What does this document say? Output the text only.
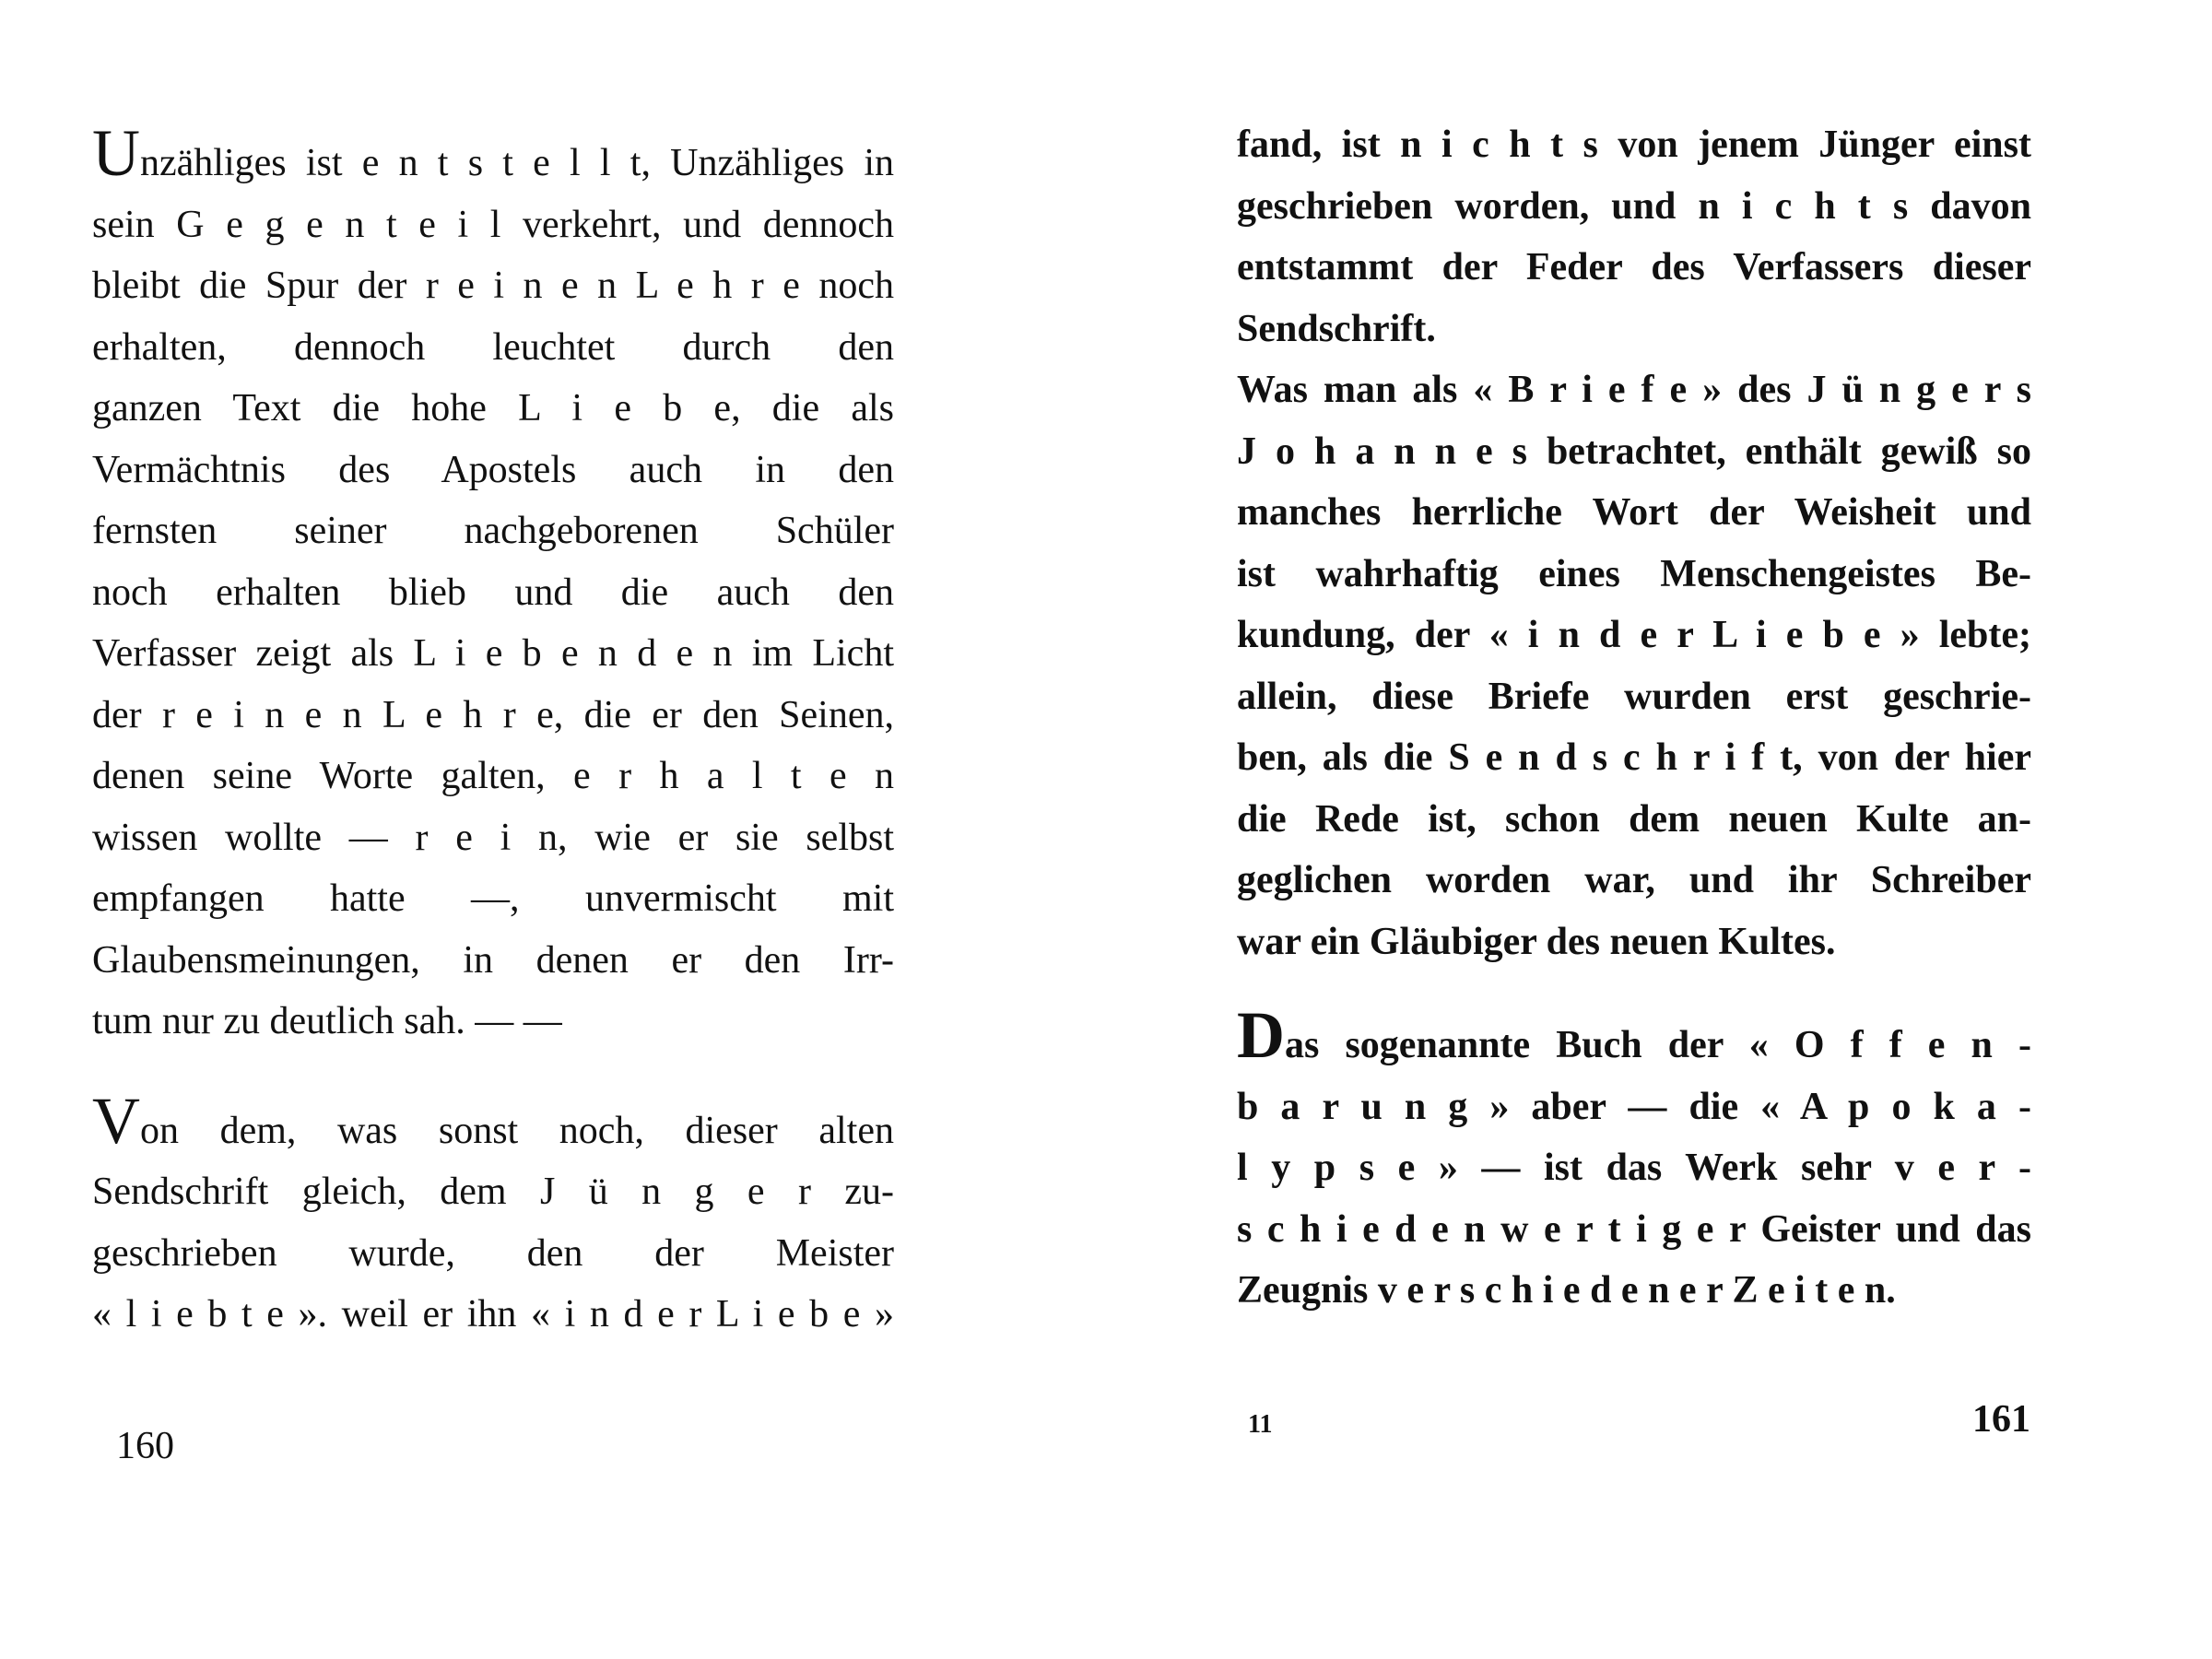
Unzähliges ist e n t s t e l l t, Unzähliges in
sein G e g e n t e i l verkehrt, und dennoch
bleibt die Spur der r e i n e n L e h r e noch
erhalten, dennoch leuchtet durch den
ganzen Text die hohe L i e b e, die als
Vermächtnis des Apostels auch in den
fernsten seiner nachgeborenen Schüler
noch erhalten blieb und die auch den
Verfasser zeigt als L i e b e n d e n im Licht
der r e i n e n L e h r e, die er den Seinen,
denen seine Worte galten, e r h a l t e n
wissen wollte — r e i n, wie er sie selbst
empfangen hatte —, unvermischt mit
Glaubensmeinungen, in denen er den Irr-
tum nur zu deutlich sah. — —
Von dem, was sonst noch, dieser alten
Sendschrift gleich, dem J ü n g e r zu-
geschrieben wurde, den der Meister
« l i e b t e ». weil er ihn « i n d e r L i e b e »
160
fand, ist n i c h t s von jenem Jünger einst
geschrieben worden, und n i c h t s davon
entstammt der Feder des Verfassers dieser
Sendschrift.
Was man als « B r i e f e » des J ü n g e r s
J o h a n n e s betrachtet, enthält gewiß so
manches herrliche Wort der Weisheit und
ist wahrhaftig eines Menschengeistes Be-
kundung, der « i n d e r L i e b e » lebte;
allein, diese Briefe wurden erst geschrie-
ben, als die S e n d s c h r i f t, von der hier
die Rede ist, schon dem neuen Kulte an-
geglichen worden war, und ihr Schreiber
war ein Gläubiger des neuen Kultes.
Das sogenannte Buch der « O f f e n -
b a r u n g » aber — die « A p o k a -
l y p s e » — ist das Werk sehr v e r -
s c h i e d e n w e r t i g e r Geister und das
Zeugnis v e r s c h i e d e n e r Z e i t e n.
11	161
